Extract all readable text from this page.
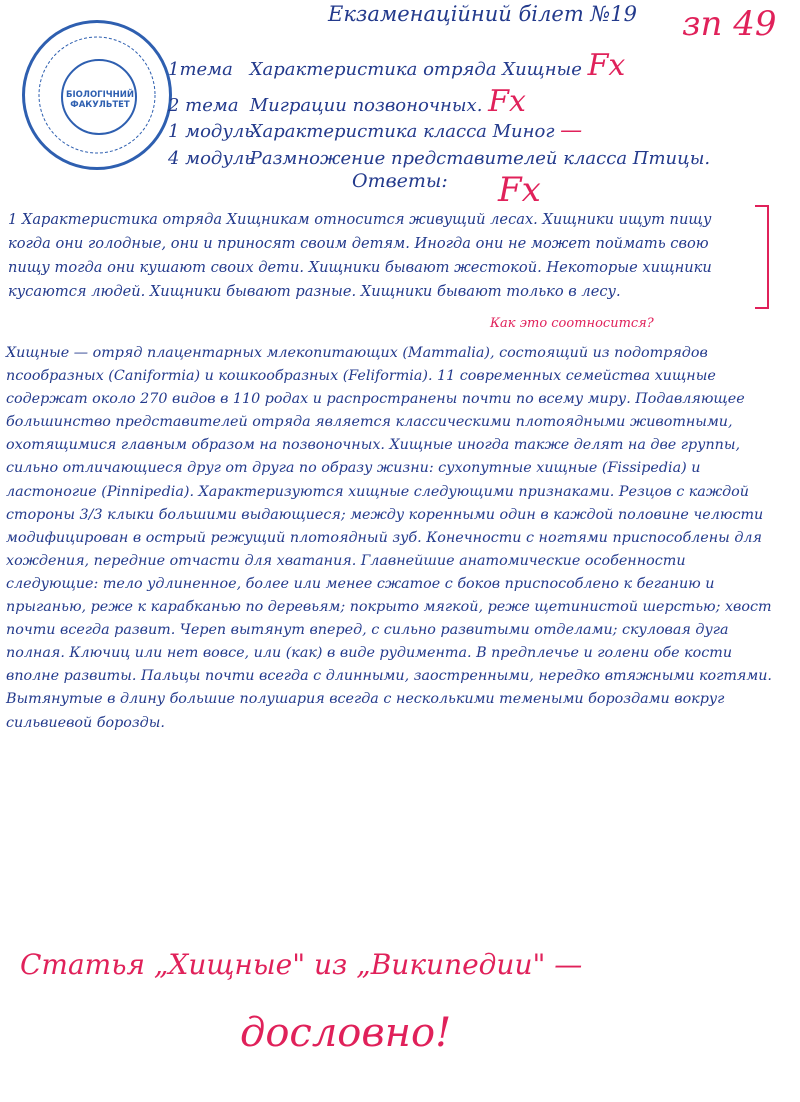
БІОЛОГІЧНИЙ
ФАКУЛЬТЕТ
Екзаменаційний білет №19 зп 49
1тема Характеристика отряда Хищные Fx
2 тема Миграции позвоночных. Fx
1 модуль Характеристика класса Миног —
4 модуль Размножение представителей класса Птицы.
Ответы: Fx
1 Характеристика отряда Хищникам относится живущий лесах. Хищники ищут пищу когда они голодные, они и приносят своим детям. Иногда они не может поймать свою пищу тогда они кушают своих дети. Хищники бывают жестокой. Некоторые хищники кусаются людей. Хищники бывают разные. Хищники бывают только в лесу.
Как это соотносится?
Хищные — отряд плацентарных млекопитающих (Mammalia), состоящий из подотрядов псообразных (Caniformia) и кошкообразных (Feliformia). 11 современных семейства хищные содержат около 270 видов в 110 родах и распространены почти по всему миру. Подавляющее большинство представителей отряда является классическими плотоядными животными, охотящимися главным образом на позвоночных. Хищные иногда также делят на две группы, сильно отличающиеся друг от друга по образу жизни: сухопутные хищные (Fissipedia) и ластоногие (Pinnipedia). Характеризуются хищные следующими признаками. Резцов с каждой стороны 3/3 клыки большими выдающиеся; между коренными один в каждой половине челюсти модифицирован в острый режущий плотоядный зуб. Конечности с ногтями приспособлены для хождения, передние отчасти для хватания. Главнейшие анатомические особенности следующие: тело удлиненное, более или менее сжатое с боков приспособлено к беганию и прыганью, реже к карабканью по деревьям; покрыто мягкой, реже щетинистой шерстью; хвост почти всегда развит. Череп вытянут вперед, с сильно развитыми отделами; скуловая дуга полная. Ключиц или нет вовсе, или (как) в виде рудимента. В предплечье и голени обе кости вполне развиты. Пальцы почти всегда с длинными, заостренными, нередко втяжными когтями. Вытянутые в длину большие полушария всегда с несколькими темеными бороздами вокруг сильвиевой борозды.
Статья „Хищные" из „Википедии" —
дословно!
